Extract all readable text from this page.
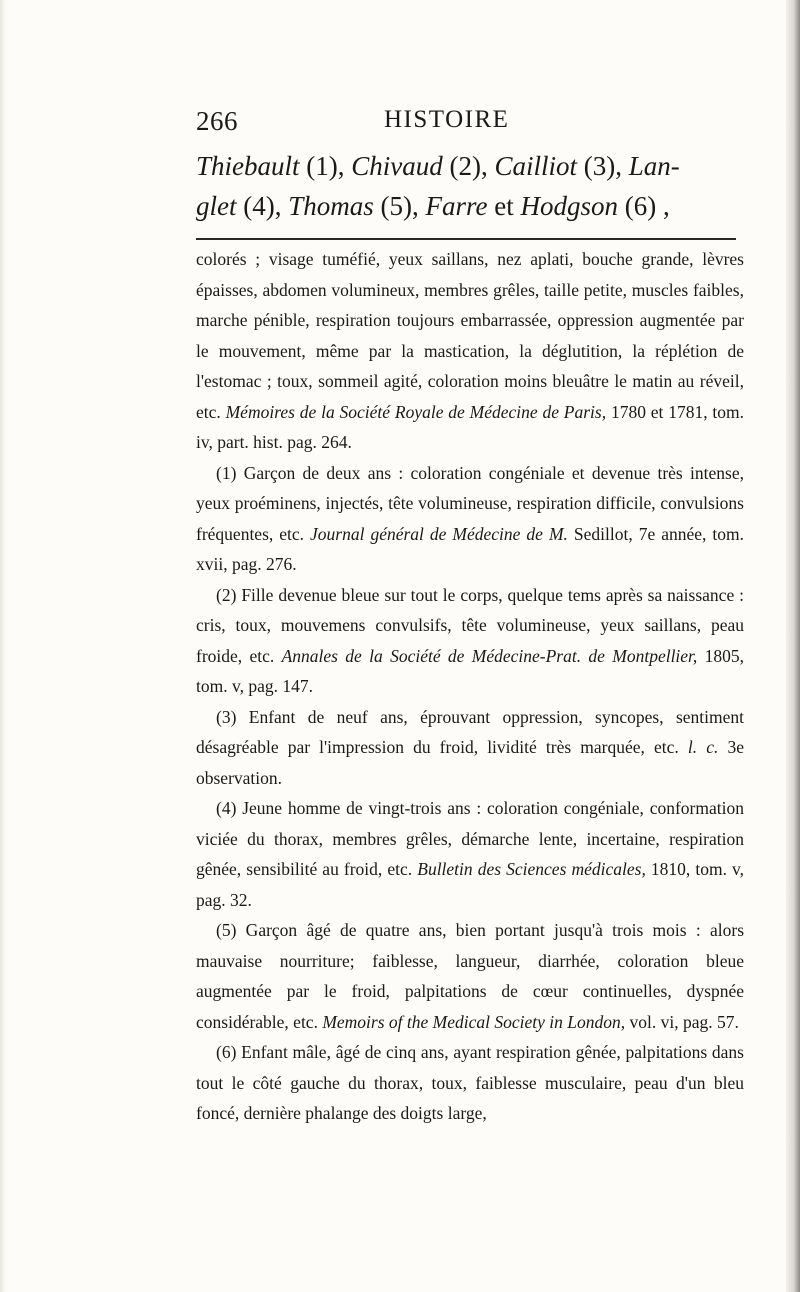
266	HISTOIRE
Thiebault (1), Chivaud (2), Cailliot (3), Lan-
glet (4), Thomas (5), Farre et Hodgson (6) ,

colorés ; visage tuméfié, yeux saillans, nez aplati, bouche grande, lèvres épaisses, abdomen volumineux, membres grêles, taille petite, muscles faibles, marche pénible, respiration toujours embarrassée, oppression augmentée par le mouvement, même par la mastication, la déglutition, la réplétion de l'estomac ; toux, sommeil agité, coloration moins bleuâtre le matin au réveil, etc. Mémoires de la Société Royale de Médecine de Paris, 1780 et 1781, tom. iv, part. hist. pag. 264.

(1) Garçon de deux ans : coloration congéniale et devenue très intense, yeux proéminens, injectés, tête volumineuse, respiration difficile, convulsions fréquentes, etc. Journal général de Médecine de M. Sedillot, 7e année, tom. xvii, pag. 276.

(2) Fille devenue bleue sur tout le corps, quelque tems après sa naissance : cris, toux, mouvemens convulsifs, tête volumineuse, yeux saillans, peau froide, etc. Annales de la Société de Médecine-Prat. de Montpellier, 1805, tom. v, pag. 147.

(3) Enfant de neuf ans, éprouvant oppression, syncopes, sentiment désagréable par l'impression du froid, lividité très marquée, etc. l. c. 3e observation.

(4) Jeune homme de vingt-trois ans : coloration congéniale, conformation viciée du thorax, membres grêles, démarche lente, incertaine, respiration gênée, sensibilité au froid, etc. Bulletin des Sciences médicales, 1810, tom. v, pag. 32.

(5) Garçon âgé de quatre ans, bien portant jusqu'à trois mois : alors mauvaise nourriture; faiblesse, langueur, diarrhée, coloration bleue augmentée par le froid, palpitations de cœur continuelles, dyspnée considérable, etc. Memoirs of the Medical Society in London, vol. vi, pag. 57.

(6) Enfant mâle, âgé de cinq ans, ayant respiration gênée, palpitations dans tout le côté gauche du thorax, toux, faiblesse musculaire, peau d'un bleu foncé, dernière phalange des doigts large,
